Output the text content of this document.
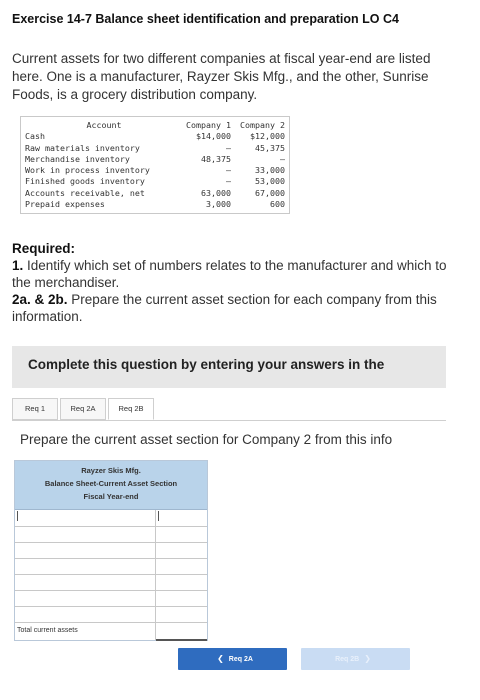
Exercise 14-7 Balance sheet identification and preparation LO C4
Current assets for two different companies at fiscal year-end are listed here. One is a manufacturer, Rayzer Skis Mfg., and the other, Sunrise Foods, is a grocery distribution company.
Account	Company 1	Company 2
Cash	$14,000	$12,000
Raw materials inventory	–	45,375
Merchandise inventory	48,375	–
Work in process inventory	–	33,000
Finished goods inventory	–	53,000
Accounts receivable, net	63,000	67,000
Prepaid expenses	3,000	600
Required:
1. Identify which set of numbers relates to the manufacturer and which to the merchandiser.
2a. & 2b. Prepare the current asset section for each company from this information.
Complete this question by entering your answers in the
Req 1	Req 2A	Req 2B
Prepare the current asset section for Company 2 from this info
Rayzer Skis Mfg.
Balance Sheet-Current Asset Section
Fiscal Year-end
Total current assets
❮ Req 2A	Req 2B ❯
